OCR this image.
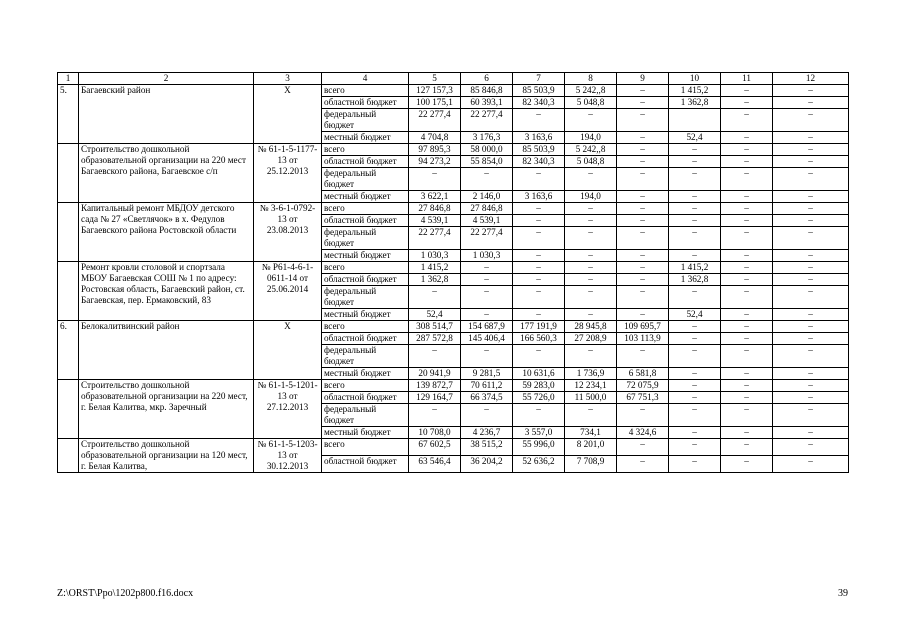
1	2	3	4	5	6	7	8	9	10	11	12
5.	Багаевский район	Х	всего	127 157,3	85 846,8	85 503,9	5 242,,8	–	1 415,2	–	–
			областной бюджет	100 175,1	60 393,1	82 340,3	5 048,8	–	1 362,8	–	–
			федеральный бюджет	22 277,4	22 277,4	–	–	–		–	–
			местный бюджет	4 704,8	3 176,3	3 163,6	194,0	–	52,4	–	–
	Строительство дошкольной образовательной организации на 220 мест Багаевского района, Багаевское с/п	№ 61-1-5-1177-13 от 25.12.2013	всего	97 895,3	58 000,0	85 503,9	5 242,,8	–	–	–	–
			областной бюджет	94 273,2	55 854,0	82 340,3	5 048,8	–	–	–	–
			федеральный бюджет	–	–	–	–	–	–	–	–
			местный бюджет	3 622,1	2 146,0	3 163,6	194,0	–	–	–	–
	Капитальный ремонт МБДОУ детского сада № 27 «Светлячок» в х. Федулов Багаевского района Ростовской области	№ 3-6-1-0792-13 от 23.08.2013	всего	27 846,8	27 846,8	–	–	–	–	–	–
			областной бюджет	4 539,1	4 539,1	–	–	–	–	–	–
			федеральный бюджет	22 277,4	22 277,4	–	–	–	–	–	–
			местный бюджет	1 030,3	1 030,3	–	–	–	–	–	–
	Ремонт кровли столовой и спортзала МБОУ Багаевская СОШ № 1 по адресу: Ростовская область, Багаевский район, ст. Багаевская, пер. Ермаковский, 83	№ Р61-4-6-1-0611-14 от 25.06.2014	всего	1 415,2	–	–	–	–	1 415,2	–	–
			областной бюджет	1 362,8	–	–	–	–	1 362,8	–	–
			федеральный бюджет	–	–	–	–	–	–	–	–
			местный бюджет	52,4	–	–	–	–	52,4	–	–
6.	Белокалитвинский район	Х	всего	308 514,7	154 687,9	177 191,9	28 945,8	109 695,7	–	–	–
			областной бюджет	287 572,8	145 406,4	166 560,3	27 208,9	103 113,9	–	–	–
			федеральный бюджет	–	–	–	–	–	–	–	–
			местный бюджет	20 941,9	9 281,5	10 631,6	1 736,9	6 581,8	–	–	–
	Строительство дошкольной образовательной организации на 220 мест, г. Белая Калитва, мкр. Заречный	№ 61-1-5-1201-13 от 27.12.2013	всего	139 872,7	70 611,2	59 283,0	12 234,1	72 075,9	–	–	–
			областной бюджет	129 164,7	66 374,5	55 726,0	11 500,0	67 751,3	–	–	–
			федеральный бюджет	–	–	–	–	–	–	–	–
			местный бюджет	10 708,0	4 236,7	3 557,0	734,1	4 324,6	–	–	–
	Строительство дошкольной образовательной организации на 120 мест, г. Белая Калитва,	№ 61-1-5-1203-13 от 30.12.2013	всего	67 602,5	38 515,2	55 996,0	8 201,0	–	–	–	–
			областной бюджет	63 546,4	36 204,2	52 636,2	7 708,9	–	–	–	–
Z:\ORST\Ppo\1202p800.f16.docx	39
